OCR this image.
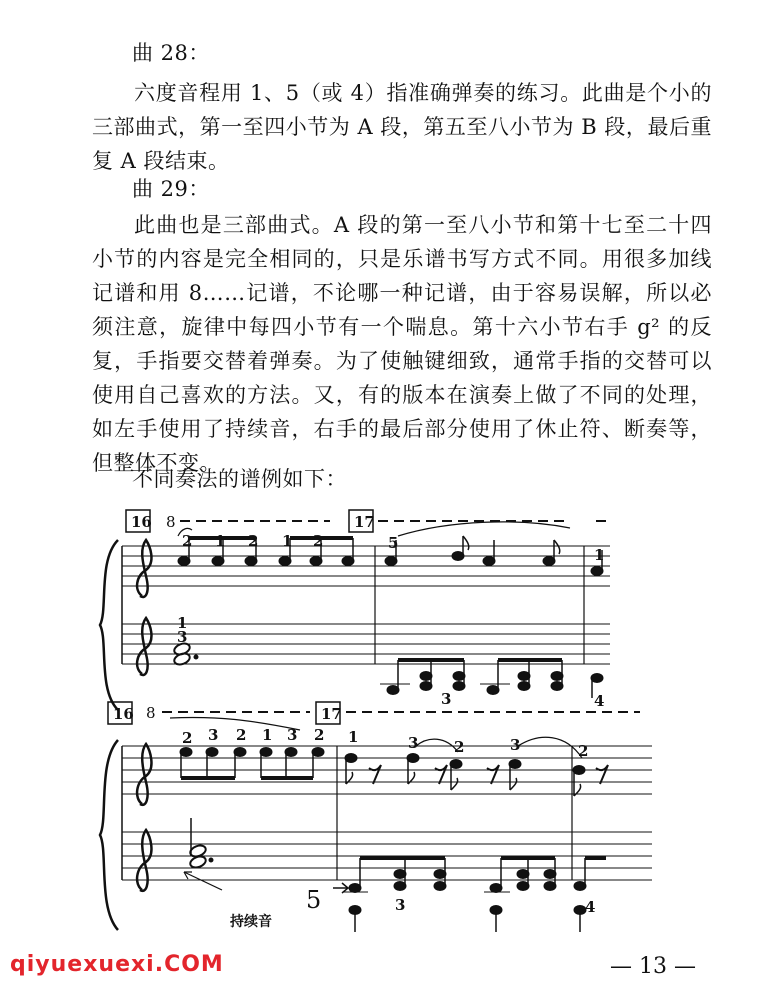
曲 28：

六度音程用 1、5（或 4）指准确弹奏的练习。此曲是个小的三部曲式，第一至四小节为 A 段，第五至八小节为 B 段，最后重复 A 段结束。

曲 29：

此曲也是三部曲式。A 段的第一至八小节和第十七至二十四小节的内容是完全相同的，只是乐谱书写方式不同。用很多加线记谱和用 8……记谱，不论哪一种记谱，由于容易误解，所以必须注意，旋律中每四小节有一个喘息。第十六小节右手 g² 的反复，手指要交替着弹奏。为了使触键细致，通常手指的交替可以使用自己喜欢的方法。又，有的版本在演奏上做了不同的处理，如左手使用了持续音，右手的最后部分使用了休止符、断奏等，但整体不变。

不同奏法的谱例如下：

16	17
8
2 1 2 1 2	5
1
1
3
3	4
16	17
8
2 3 2 1 3 2 1	3 2	3	2
5	3	4
持续音
qiyuexuexi.COM	— 13 —
